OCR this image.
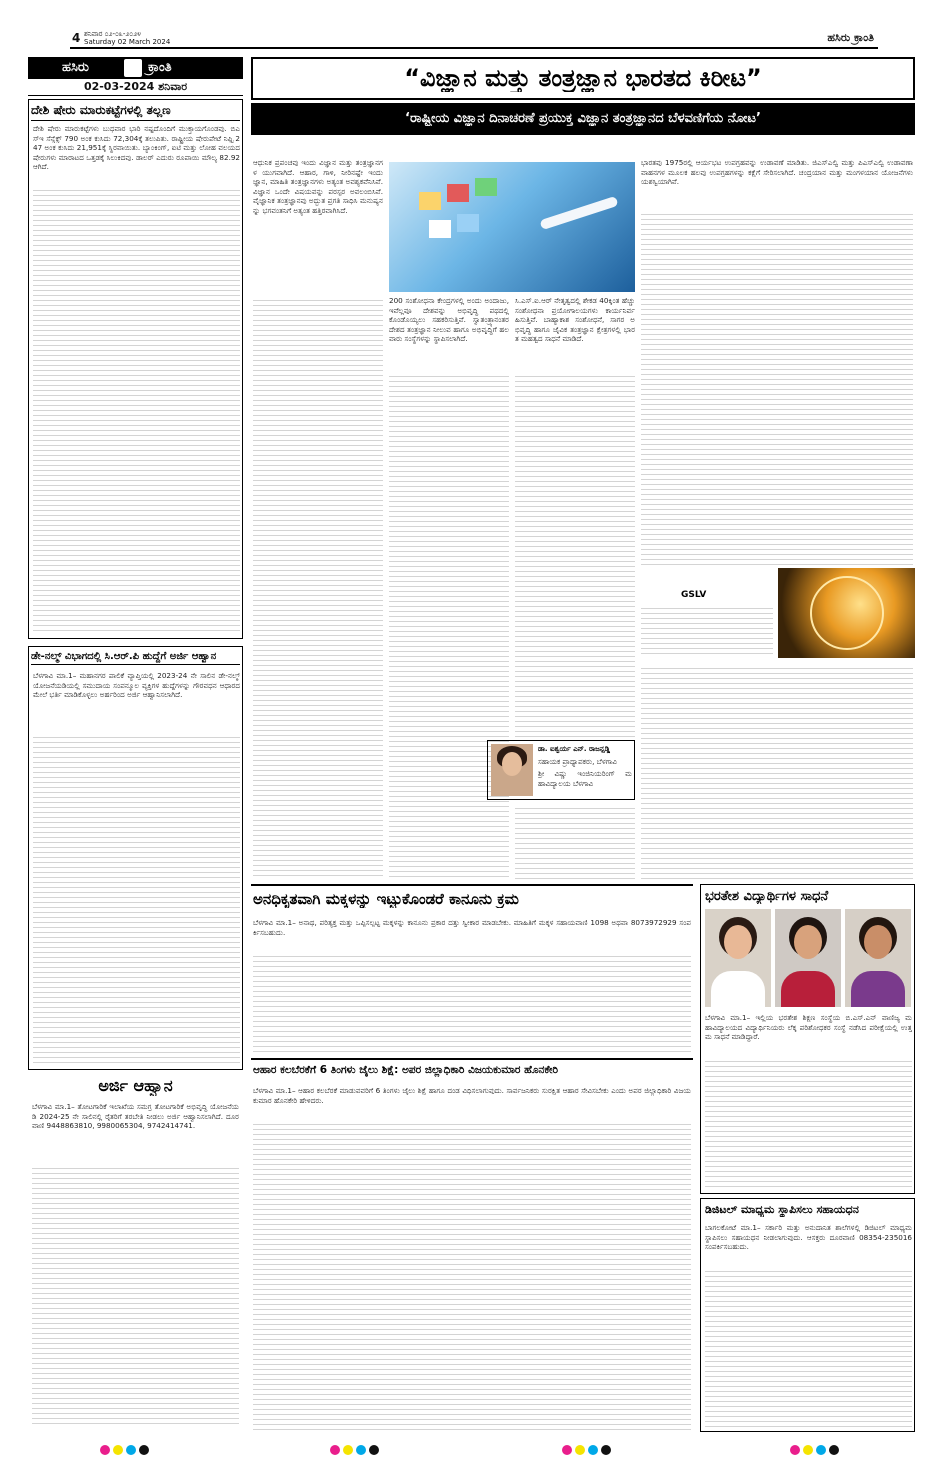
4 ಶನಿವಾರ ೦೨-೦೩-೨೦೨೪
Saturday 02 March 2024	ಹಸಿರು ಕ್ರಾಂತಿ
ಹಸಿರು	ಕ್ರಾಂತಿ
02-03-2024 ಶನಿವಾರ
ದೇಶಿ ಷೇರು ಮಾರುಕಟ್ಟೆಗಳಲ್ಲಿ ತಲ್ಲಣ
ದೇಶಿ ಷೇರು ಮಾರುಕಟ್ಟೆಗಳು ಬುಧವಾರ ಭಾರಿ ನಷ್ಟದೊಂದಿಗೆ ಮುಕ್ತಾಯಗೊಂಡವು. ಬಿಎಸ್ಇ ಸೆನ್ಸೆಕ್ಸ್ 790 ಅಂಕ ಕುಸಿದು 72,304ಕ್ಕೆ ತಲುಪಿತು. ರಾಷ್ಟ್ರೀಯ ಷೇರುಪೇಟೆ ನಿಫ್ಟಿ 247 ಅಂಕ ಕುಸಿದು 21,951ಕ್ಕೆ ಸ್ಥಿರವಾಯಿತು. ಬ್ಯಾಂಕಿಂಗ್, ಐಟಿ ಮತ್ತು ಲೋಹ ವಲಯದ ಷೇರುಗಳು ಮಾರಾಟದ ಒತ್ತಡಕ್ಕೆ ಸಿಲುಕಿದವು. ಡಾಲರ್ ಎದುರು ರೂಪಾಯಿ ಮೌಲ್ಯ 82.92 ಆಗಿದೆ.
ಡೇ-ನಲ್ಮ್ ವಿಭಾಗದಲ್ಲಿ ಸಿ.ಆರ್.ಪಿ ಹುದ್ದೆಗೆ ಅರ್ಜಿ ಆಹ್ವಾನ
ಬೆಳಗಾವಿ ಮಾ.1– ಮಹಾನಗರ ಪಾಲಿಕೆ ವ್ಯಾಪ್ತಿಯಲ್ಲಿ 2023-24 ನೇ ಸಾಲಿನ ಡೇ-ನಲ್ಮ್ ಯೋಜನೆಯಡಿಯಲ್ಲಿ ಸಮುದಾಯ ಸಂಪನ್ಮೂಲ ವ್ಯಕ್ತಿಗಳ ಹುದ್ದೆಗಳನ್ನು ಗೌರವಧನ ಆಧಾರದ ಮೇಲೆ ಭರ್ತಿ ಮಾಡಿಕೊಳ್ಳಲು ಅರ್ಹರಿಂದ ಅರ್ಜಿ ಆಹ್ವಾನಿಸಲಾಗಿದೆ.
ಅರ್ಜಿ ಆಹ್ವಾನ
ಬೆಳಗಾವಿ ಮಾ.1– ತೋಟಗಾರಿಕೆ ಇಲಾಖೆಯ ಸಮಗ್ರ ತೋಟಗಾರಿಕೆ ಅಭಿವೃದ್ಧಿ ಯೋಜನೆಯಡಿ 2024-25 ನೇ ಸಾಲಿನಲ್ಲಿ ರೈತರಿಗೆ ತರಬೇತಿ ನೀಡಲು ಅರ್ಜಿ ಆಹ್ವಾನಿಸಲಾಗಿದೆ. ದೂರವಾಣಿ 9448863810, 9980065304, 9742414741.
“ವಿಜ್ಞಾನ ಮತ್ತು ತಂತ್ರಜ್ಞಾನ ಭಾರತದ ಕಿರೀಟ”
‘ರಾಷ್ಟ್ರೀಯ ವಿಜ್ಞಾನ ದಿನಾಚರಣೆ ಪ್ರಯುಕ್ತ ವಿಜ್ಞಾನ ತಂತ್ರಜ್ಞಾನದ ಬೆಳವಣಿಗೆಯ ನೋಟ’
ಆಧುನಿಕ ಪ್ರಪಂಚವು ಇಂದು ವಿಜ್ಞಾನ ಮತ್ತು ತಂತ್ರಜ್ಞಾನಗಳ ಯುಗವಾಗಿದೆ. ಆಹಾರ, ಗಾಳಿ, ನೀರಿನಷ್ಟೇ ಇಂದು ಜ್ಞಾನ, ಮಾಹಿತಿ ತಂತ್ರಜ್ಞಾನಗಳು ಅತ್ಯಂತ ಅವಶ್ಯಕವೆನಿಸಿವೆ. ವಿಜ್ಞಾನ ಒಂದೇ ವಿಷಯವನ್ನು ಪರಸ್ಪರ ಅವಲಂಬಿಸಿವೆ. ವೈಜ್ಞಾನಿಕ ತಂತ್ರಜ್ಞಾನವು ಅದ್ಭುತ ಪ್ರಗತಿ ಸಾಧಿಸಿ ಮನುಷ್ಯನನ್ನು ಭಗವಂತನಿಗೆ ಅತ್ಯಂತ ಹತ್ತಿರವಾಗಿಸಿದೆ.
200 ಸಂಶೋಧನಾ ಕೇಂದ್ರಗಳಲ್ಲಿ ಅಂದು ಅಂದಾಜು, ಇವೆಲ್ಲವೂ ದೇಶವನ್ನು ಅಭಿವೃದ್ಧಿ ಪಥದಲ್ಲಿ ಕೊಂಡೊಯ್ಯಲು ಸಹಕರಿಸುತ್ತಿವೆ. ಸ್ವಾತಂತ್ರ್ಯಾನಂತರ ದೇಶದ ತಂತ್ರಜ್ಞಾನ ನೀಲುವ ಹಾಗೂ ಅಭಿವೃದ್ಧಿಗೆ ಹಲವಾರು ಸಂಸ್ಥೆಗಳನ್ನು ಸ್ಥಾಪಿಸಲಾಗಿದೆ.
ಸಿ.ಎಸ್.ಐ.ಆರ್ ನೇತೃತ್ವದಲ್ಲಿ ಶೇಕಡ 40ಕ್ಕಿಂತ ಹೆಚ್ಚು ಸಂಶೋಧನಾ ಪ್ರಯೋಗಾಲಯಗಳು ಕಾರ್ಯನಿರ್ವಹಿಸುತ್ತಿವೆ. ಬಾಹ್ಯಾಕಾಶ ಸಂಶೋಧನೆ, ಸಾಗರ ಅಭಿವೃದ್ಧಿ ಹಾಗೂ ಜೈವಿಕ ತಂತ್ರಜ್ಞಾನ ಕ್ಷೇತ್ರಗಳಲ್ಲಿ ಭಾರತ ಮಹತ್ವದ ಸಾಧನೆ ಮಾಡಿದೆ.
ಡಾ. ಐಶ್ವರ್ಯ ಎನ್. ರಾಜನ್ಷಡ್ಡಿ
ಸಹಾಯಕ ಪ್ರಾಧ್ಯಾಪಕರು, ಬೆಳಗಾವಿ
ಶ್ರೀ ವಿಷ್ಣು ಇಂಜಿನಿಯರಿಂಗ್ ಮಹಾವಿದ್ಯಾಲಯ ಬೆಳಗಾವಿ
ಭಾರತವು 1975ರಲ್ಲಿ ಆರ್ಯಭಟ ಉಪಗ್ರಹವನ್ನು ಉಡಾವಣೆ ಮಾಡಿತು. ಜಿಎಸ್ಎಲ್ವಿ ಮತ್ತು ಪಿಎಸ್ಎಲ್ವಿ ಉಡಾವಣಾ ವಾಹನಗಳ ಮೂಲಕ ಹಲವು ಉಪಗ್ರಹಗಳನ್ನು ಕಕ್ಷೆಗೆ ಸೇರಿಸಲಾಗಿದೆ. ಚಂದ್ರಯಾನ ಮತ್ತು ಮಂಗಳಯಾನ ಯೋಜನೆಗಳು ಯಶಸ್ವಿಯಾಗಿವೆ.
GSLV
ಅನಧಿಕೃತವಾಗಿ ಮಕ್ಕಳನ್ನು ಇಟ್ಟುಕೊಂಡರೆ ಕಾನೂನು ಕ್ರಮ
ಬೆಳಗಾವಿ ಮಾ.1– ಅನಾಥ, ಪರಿತ್ಯಕ್ತ ಮತ್ತು ಒಪ್ಪಿಸಲ್ಪಟ್ಟ ಮಕ್ಕಳನ್ನು ಕಾನೂನು ಪ್ರಕಾರ ದತ್ತು ಸ್ವೀಕಾರ ಮಾಡಬೇಕು. ಮಾಹಿತಿಗೆ ಮಕ್ಕಳ ಸಹಾಯವಾಣಿ 1098 ಅಥವಾ 8073972929 ಸಂಪರ್ಕಿಸಬಹುದು.
ಆಹಾರ ಕಲಬೆರಕೆಗೆ 6 ತಿಂಗಳು ಜೈಲು ಶಿಕ್ಷೆ: ಅಪರ ಜಿಲ್ಲಾಧಿಕಾರಿ ವಿಜಯಕುಮಾರ ಹೊನಕೇರಿ
ಬೆಳಗಾವಿ ಮಾ.1– ಆಹಾರ ಕಲಬೆರಕೆ ಮಾಡುವವರಿಗೆ 6 ತಿಂಗಳು ಜೈಲು ಶಿಕ್ಷೆ ಹಾಗೂ ದಂಡ ವಿಧಿಸಲಾಗುವುದು. ಸಾರ್ವಜನಿಕರು ಸುರಕ್ಷಿತ ಆಹಾರ ಸೇವಿಸಬೇಕು ಎಂದು ಅಪರ ಜಿಲ್ಲಾಧಿಕಾರಿ ವಿಜಯಕುಮಾರ ಹೊನಕೇರಿ ಹೇಳಿದರು.
ಭರತೇಶ ವಿದ್ಯಾರ್ಥಿಗಳ ಸಾಧನೆ
ಬೆಳಗಾವಿ ಮಾ.1– ಇಲ್ಲಿಯ ಭರತೇಶ ಶಿಕ್ಷಣ ಸಂಸ್ಥೆಯ ಬಿ.ಎಸ್.ಎನ್ ವಾಣಿಜ್ಯ ಮಹಾವಿದ್ಯಾಲಯದ ವಿದ್ಯಾರ್ಥಿನಿಯರು ಲೆಕ್ಕ ಪರಿಶೋಧಕರ ಸಂಸ್ಥೆ ನಡೆಸಿದ ಪರೀಕ್ಷೆಯಲ್ಲಿ ಉತ್ತಮ ಸಾಧನೆ ಮಾಡಿದ್ದಾರೆ.
ಡಿಜಿಟಲ್ ಮಾಧ್ಯಮ ಸ್ಥಾಪಿಸಲು ಸಹಾಯಧನ
ಬಾಗಲಕೋಟೆ ಮಾ.1– ಸರ್ಕಾರಿ ಮತ್ತು ಅನುದಾನಿತ ಶಾಲೆಗಳಲ್ಲಿ ಡಿಜಿಟಲ್ ಮಾಧ್ಯಮ ಸ್ಥಾಪಿಸಲು ಸಹಾಯಧನ ನೀಡಲಾಗುವುದು. ಆಸಕ್ತರು ದೂರವಾಣಿ 08354-235016 ಸಂಪರ್ಕಿಸಬಹುದು.
